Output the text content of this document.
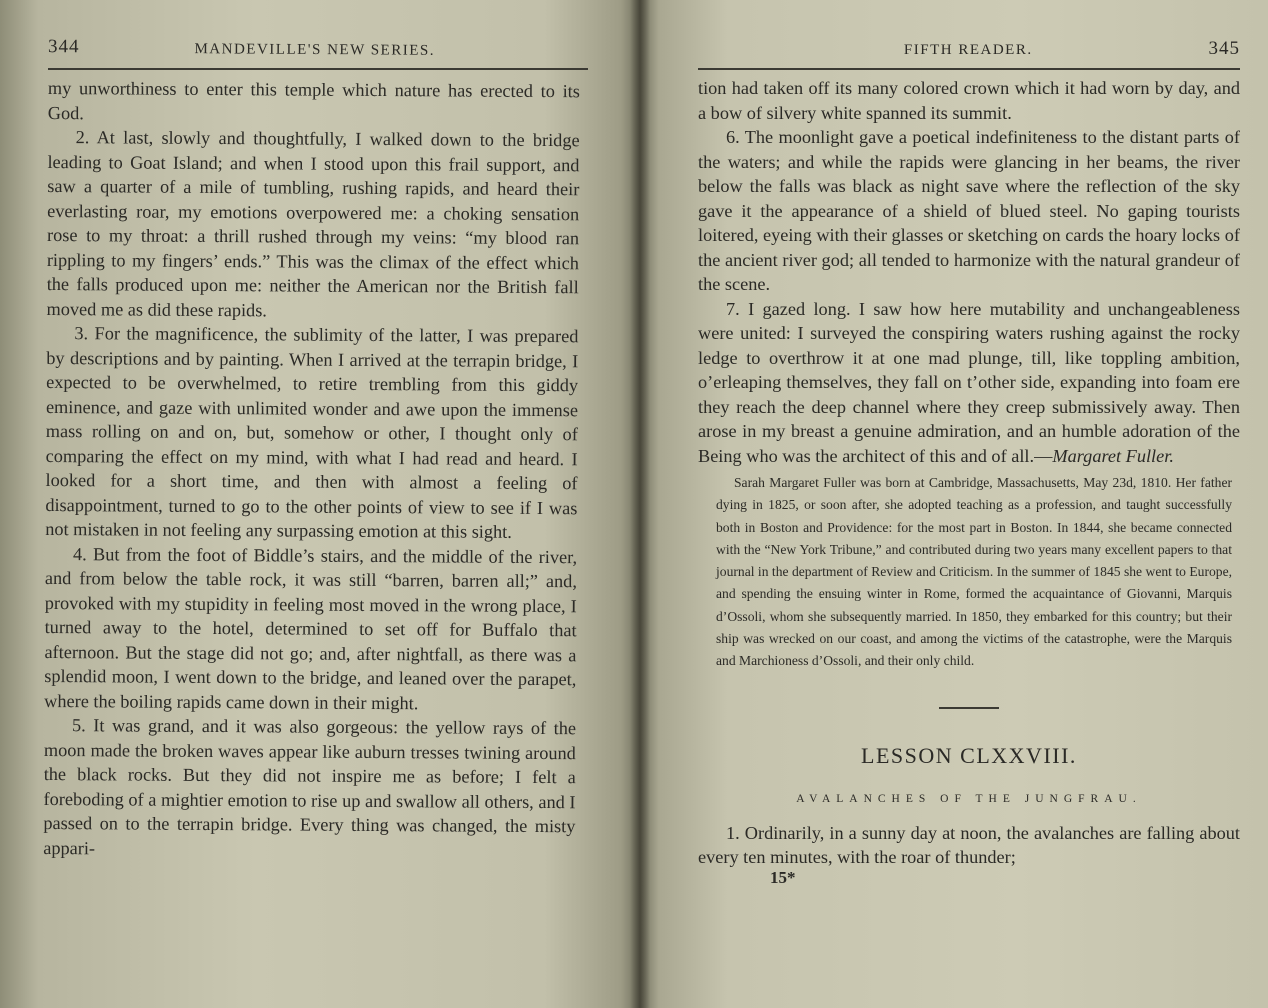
344	MANDEVILLE'S NEW SERIES.

my unworthiness to enter this temple which nature has erected to its God.

2. At last, slowly and thoughtfully, I walked down to the bridge leading to Goat Island; and when I stood upon this frail support, and saw a quarter of a mile of tumbling, rushing rapids, and heard their everlasting roar, my emotions overpowered me: a choking sensation rose to my throat: a thrill rushed through my veins: “my blood ran rippling to my fingers’ ends.” This was the climax of the effect which the falls produced upon me: neither the American nor the British fall moved me as did these rapids.

3. For the magnificence, the sublimity of the latter, I was prepared by descriptions and by painting. When I arrived at the terrapin bridge, I expected to be overwhelmed, to retire trembling from this giddy eminence, and gaze with unlimited wonder and awe upon the immense mass rolling on and on, but, somehow or other, I thought only of comparing the effect on my mind, with what I had read and heard. I looked for a short time, and then with almost a feeling of disappointment, turned to go to the other points of view to see if I was not mistaken in not feeling any surpassing emotion at this sight.

4. But from the foot of Biddle’s stairs, and the middle of the river, and from below the table rock, it was still “barren, barren all;” and, provoked with my stupidity in feeling most moved in the wrong place, I turned away to the hotel, determined to set off for Buffalo that afternoon. But the stage did not go; and, after nightfall, as there was a splendid moon, I went down to the bridge, and leaned over the parapet, where the boiling rapids came down in their might.

5. It was grand, and it was also gorgeous: the yellow rays of the moon made the broken waves appear like auburn tresses twining around the black rocks. But they did not inspire me as before; I felt a foreboding of a mightier emotion to rise up and swallow all others, and I passed on to the terrapin bridge. Every thing was changed, the misty appari-

FIFTH READER.	345

tion had taken off its many colored crown which it had worn by day, and a bow of silvery white spanned its summit.

6. The moonlight gave a poetical indefiniteness to the distant parts of the waters; and while the rapids were glancing in her beams, the river below the falls was black as night save where the reflection of the sky gave it the appearance of a shield of blued steel. No gaping tourists loitered, eyeing with their glasses or sketching on cards the hoary locks of the ancient river god; all tended to harmonize with the natural grandeur of the scene.

7. I gazed long. I saw how here mutability and unchangeableness were united: I surveyed the conspiring waters rushing against the rocky ledge to overthrow it at one mad plunge, till, like toppling ambition, o’erleaping themselves, they fall on t’other side, expanding into foam ere they reach the deep channel where they creep submissively away. Then arose in my breast a genuine admiration, and an humble adoration of the Being who was the architect of this and of all.—Margaret Fuller.

Sarah Margaret Fuller was born at Cambridge, Massachusetts, May 23d, 1810. Her father dying in 1825, or soon after, she adopted teaching as a profession, and taught successfully both in Boston and Providence: for the most part in Boston. In 1844, she became connected with the “New York Tribune,” and contributed during two years many excellent papers to that journal in the department of Review and Criticism. In the summer of 1845 she went to Europe, and spending the ensuing winter in Rome, formed the acquaintance of Giovanni, Marquis d’Ossoli, whom she subsequently married. In 1850, they embarked for this country; but their ship was wrecked on our coast, and among the victims of the catastrophe, were the Marquis and Marchioness d’Ossoli, and their only child.

LESSON CLXXVIII.
AVALANCHES OF THE JUNGFRAU.

1. Ordinarily, in a sunny day at noon, the avalanches are falling about every ten minutes, with the roar of thunder;

15*
